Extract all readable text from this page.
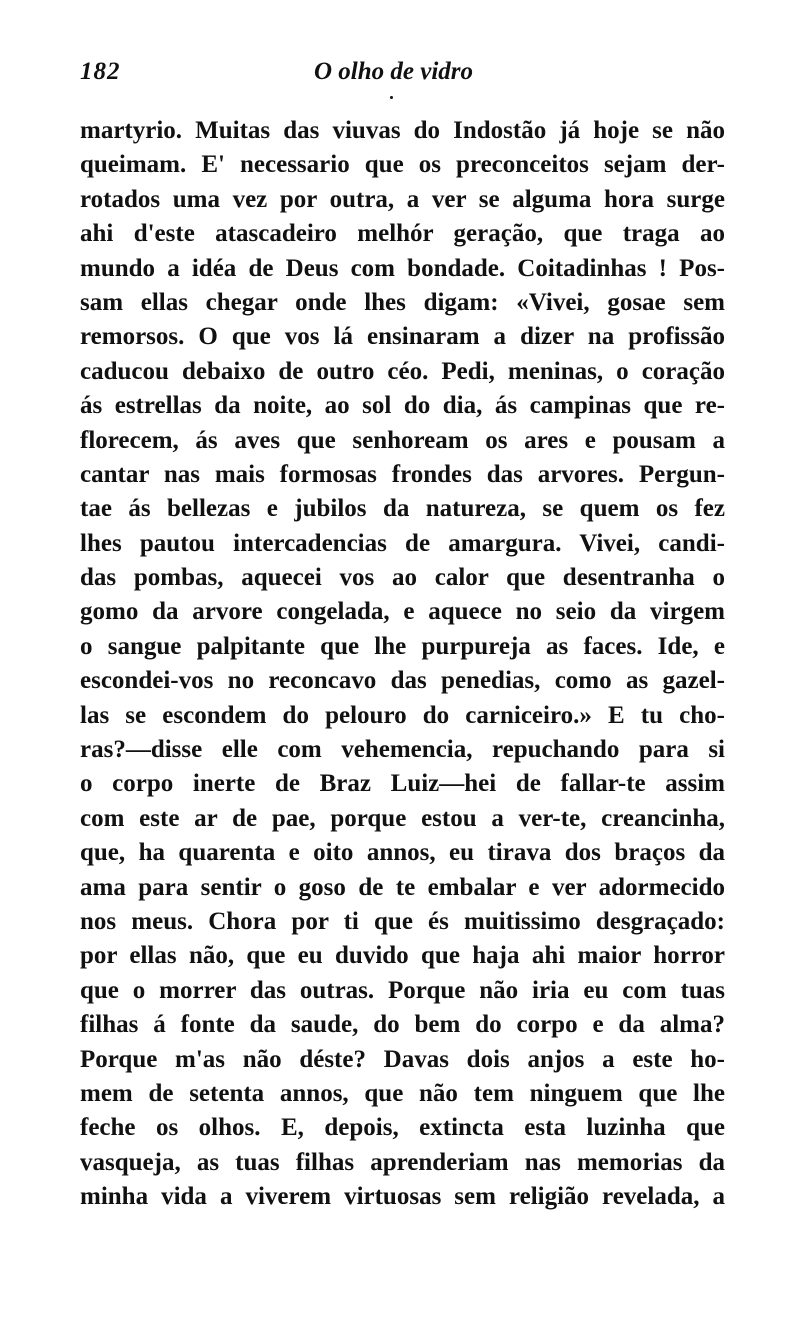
182	O olho de vidro
martyrio. Muitas das viuvas do Indostão já hoje se não
queimam. E' necessario que os preconceitos sejam der-
rotados uma vez por outra, a ver se alguma hora surge
ahi d'este atascadeiro melhór geração, que traga ao
mundo a idéa de Deus com bondade. Coitadinhas ! Pos-
sam ellas chegar onde lhes digam: «Vivei, gosae sem
remorsos. O que vos lá ensinaram a dizer na profissão
caducou debaixo de outro céo. Pedi, meninas, o coração
ás estrellas da noite, ao sol do dia, ás campinas que re-
florecem, ás aves que senhoream os ares e pousam a
cantar nas mais formosas frondes das arvores. Pergun-
tae ás bellezas e jubilos da natureza, se quem os fez
lhes pautou intercadencias de amargura. Vivei, candi-
das pombas, aquecei vos ao calor que desentranha o
gomo da arvore congelada, e aquece no seio da virgem
o sangue palpitante que lhe purpureja as faces. Ide, e
escondei-vos no reconcavo das penedias, como as gazel-
las se escondem do pelouro do carniceiro.» E tu cho-
ras?—disse elle com vehemencia, repuchando para si
o corpo inerte de Braz Luiz—hei de fallar-te assim
com este ar de pae, porque estou a ver-te, creancinha,
que, ha quarenta e oito annos, eu tirava dos braços da
ama para sentir o goso de te embalar e ver adormecido
nos meus. Chora por ti que és muitissimo desgraçado:
por ellas não, que eu duvido que haja ahi maior horror
que o morrer das outras. Porque não iria eu com tuas
filhas á fonte da saude, do bem do corpo e da alma?
Porque m'as não déste? Davas dois anjos a este ho-
mem de setenta annos, que não tem ninguem que lhe
feche os olhos. E, depois, extincta esta luzinha que
vasqueja, as tuas filhas aprenderiam nas memorias da
minha vida a viverem virtuosas sem religião revelada, a
